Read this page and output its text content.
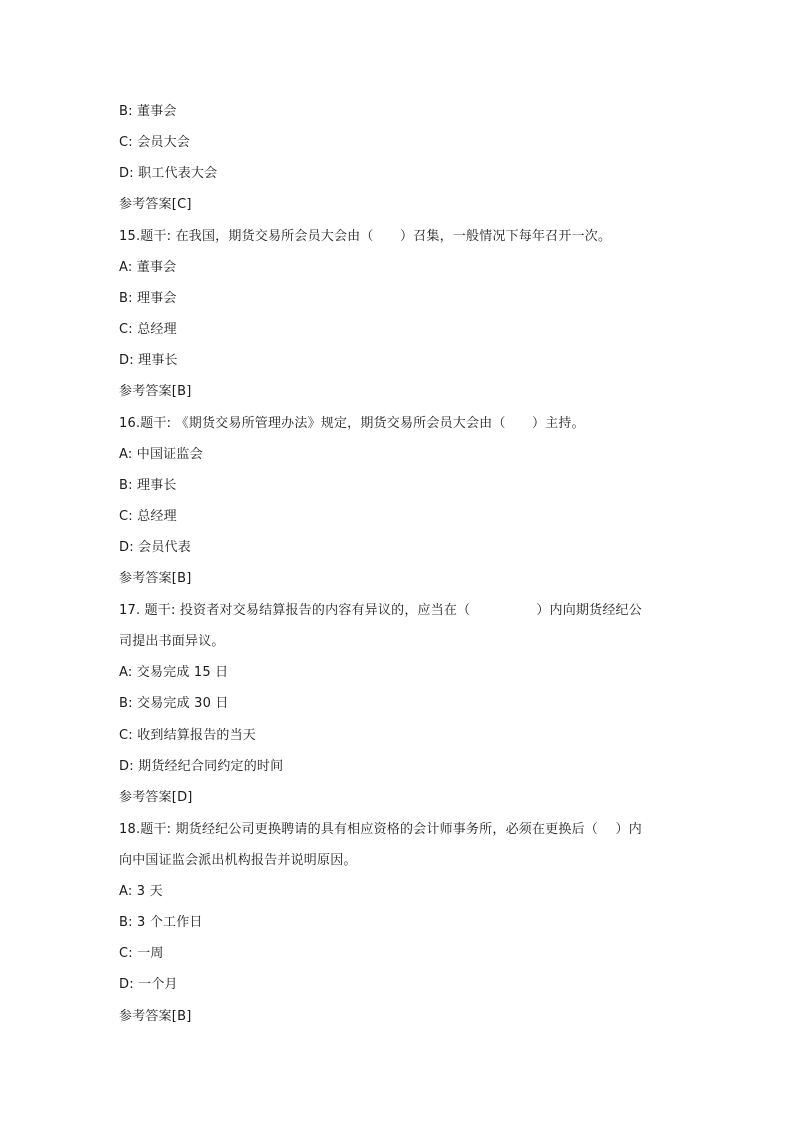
B: 董事会
C: 会员大会
D: 职工代表大会
参考答案[C]
15.题干: 在我国，期货交易所会员大会由（　　）召集，一般情况下每年召开一次。
A: 董事会
B: 理事会
C: 总经理
D: 理事长
参考答案[B]
16.题干: 《期货交易所管理办法》规定，期货交易所会员大会由（　　）主持。
A: 中国证监会
B: 理事长
C: 总经理
D: 会员代表
参考答案[B]
17. 题干: 投资者对交易结算报告的内容有异议的，应当在（　　　　　）内向期货经纪公
司提出书面异议。
A: 交易完成 15 日
B: 交易完成 30 日
C: 收到结算报告的当天
D: 期货经纪合同约定的时间
参考答案[D]
18.题干: 期货经纪公司更换聘请的具有相应资格的会计师事务所，必须在更换后（　 ）内
向中国证监会派出机构报告并说明原因。
A: 3 天
B: 3 个工作日
C: 一周
D: 一个月
参考答案[B]
